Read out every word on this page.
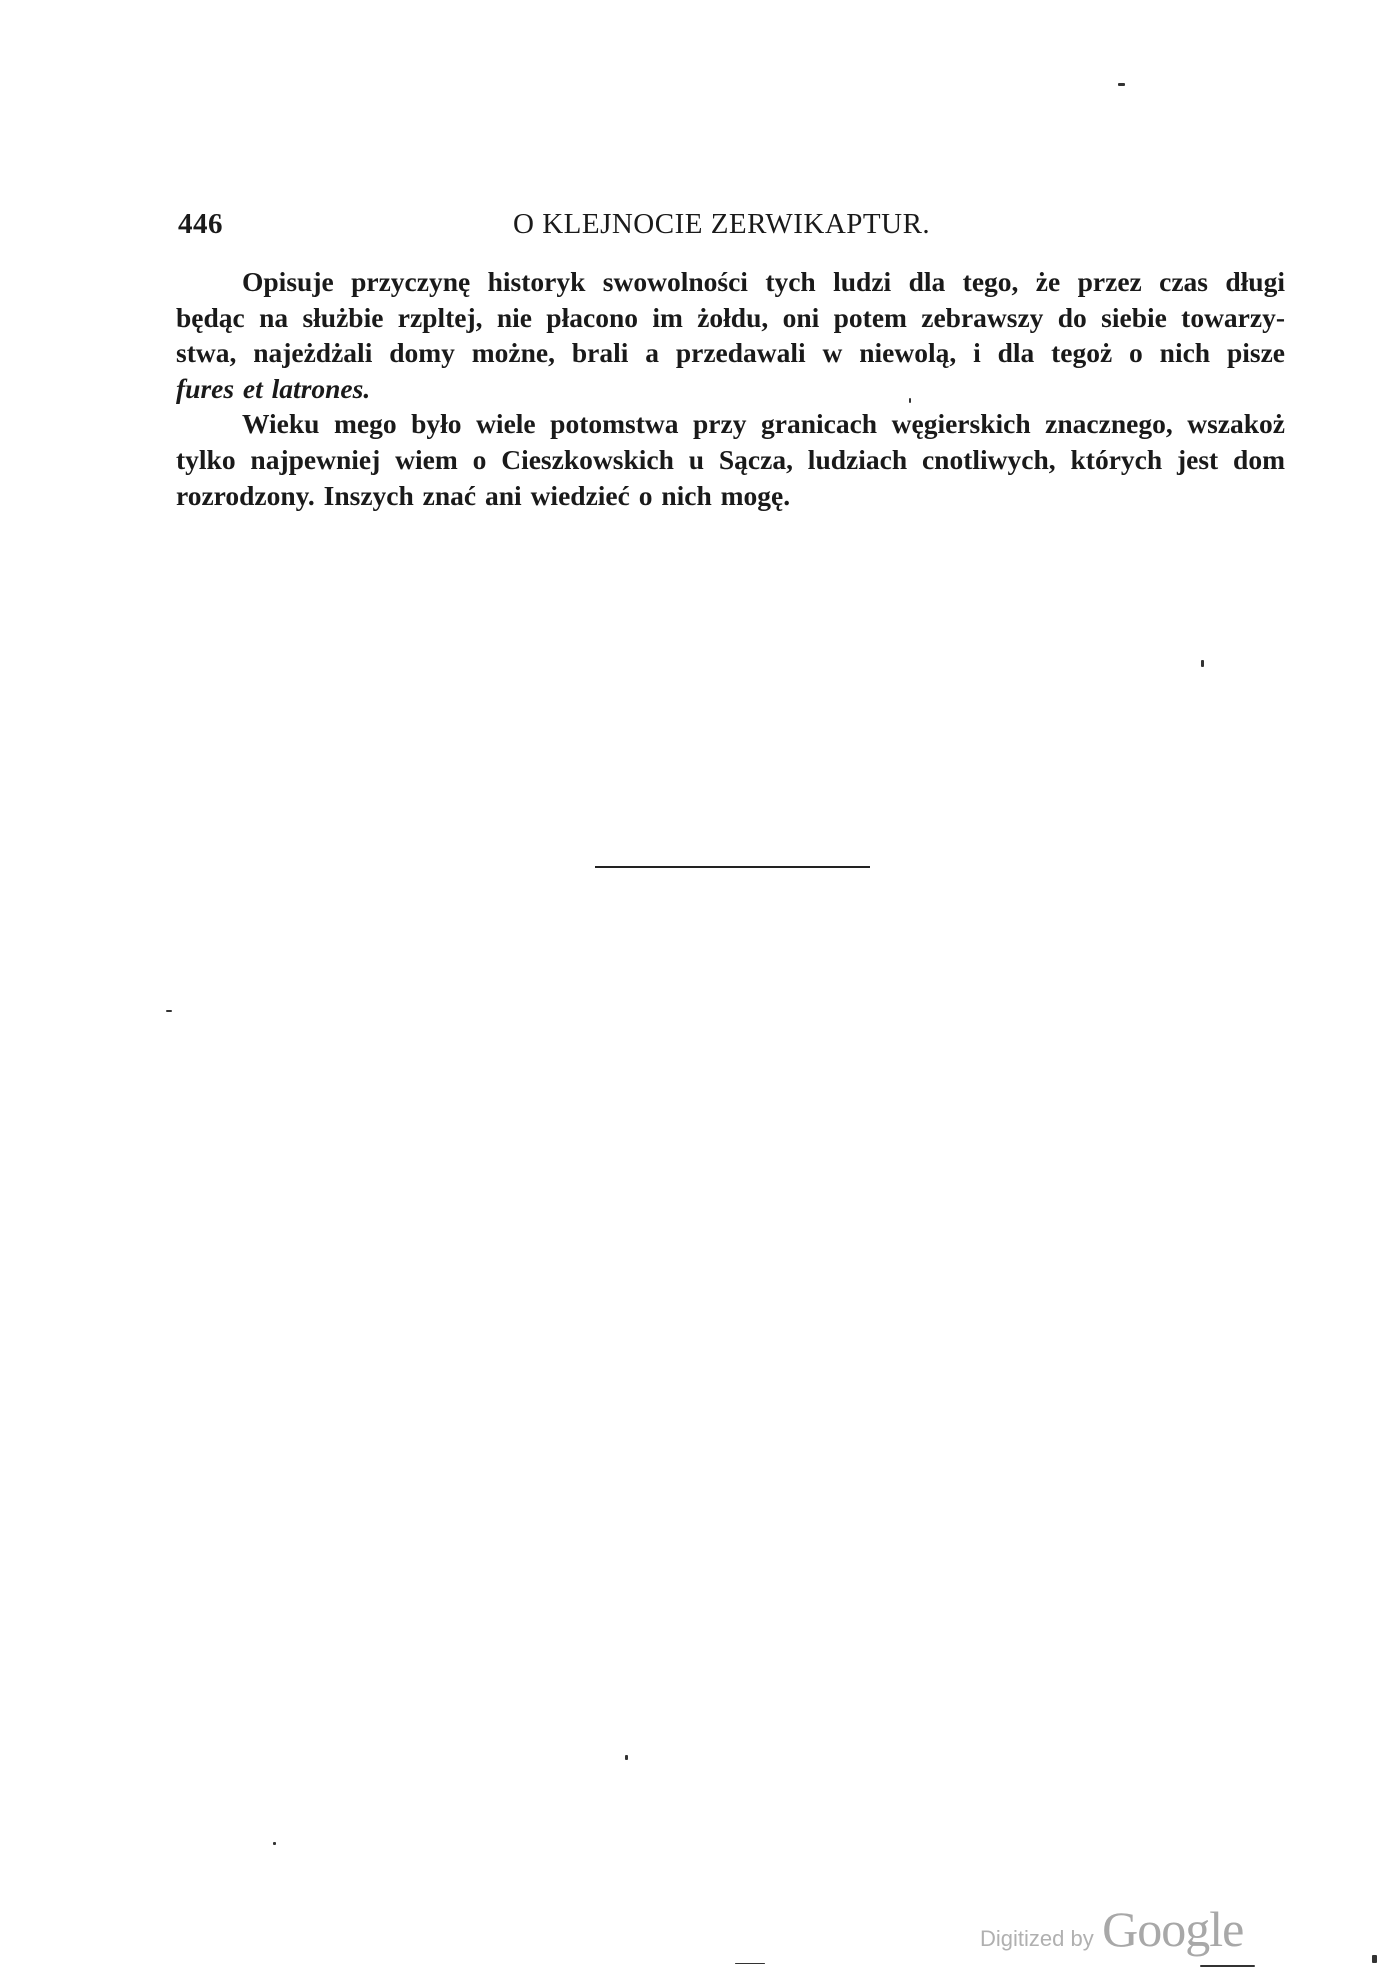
446	O KLEJNOCIE ZERWIKAPTUR.
Opisuje przyczynę historyk swowolności tych ludzi dla tego, że przez czas długi
będąc na służbie rzpltej, nie płacono im żołdu, oni potem zebrawszy do siebie towarzy-
stwa, najeżdżali domy możne, brali a przedawali w niewolą, i dla tegoż o nich pisze
fures et latrones.
Wieku mego było wiele potomstwa przy granicach węgierskich znacznego, wszakoż
tylko najpewniej wiem o Cieszkowskich u Sącza, ludziach cnotliwych, których jest dom
rozrodzony. Inszych znać ani wiedzieć o nich mogę.
Digitized by Google
